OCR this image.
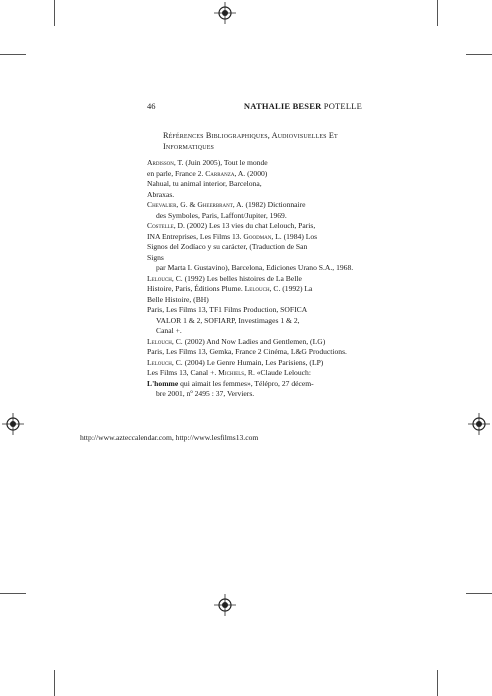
46	NATHALIE BESER POTELLE
Références Bibliographiques, Audiovisuelles Et
Informatiques
Ardisson, T. (Juin 2005), Tout le monde
en parle, France 2. Carranza, A. (2000)
Nahual, tu animal interior, Barcelona,
Abraxas.
Chevalier, G. & Gheerbrant, A. (1982) Dictionnaire
des Symboles, Paris, Laffont/Jupiter, 1969.
Costelle, D. (2002) Les 13 vies du chat Lelouch, Paris,
INA Entreprises, Les Films 13. Goodman, L. (1984) Los
Signos del Zodíaco y su carácter, (Traduction de San
Signs
par Marta I. Gustavino), Barcelona, Ediciones Urano S.A., 1968.
Lelouch, C. (1992) Les belles histoires de La Belle
Histoire, Paris, Éditions Plume. Lelouch, C. (1992) La
Belle Histoire, (BH)
Paris, Les Films 13, TF1 Films Production, SOFICA
VALOR 1 & 2, SOFIARP, Investimages 1 & 2,
Canal +.
Lelouch, C. (2002) And Now Ladies and Gentlemen, (LG)
Paris, Les Films 13, Gemka, France 2 Cinéma, L&G Productions.
Lelouch, C. (2004) Le Genre Humain, Les Parisiens, (LP)
Les Films 13, Canal +. Michiels, R. «Claude Lelouch:
L'homme qui aimait les femmes», Télépro, 27 décem-
bre 2001, nº 2495 : 37, Verviers.
http://www.azteccalendar.com, http://www.lesfilms13.com
